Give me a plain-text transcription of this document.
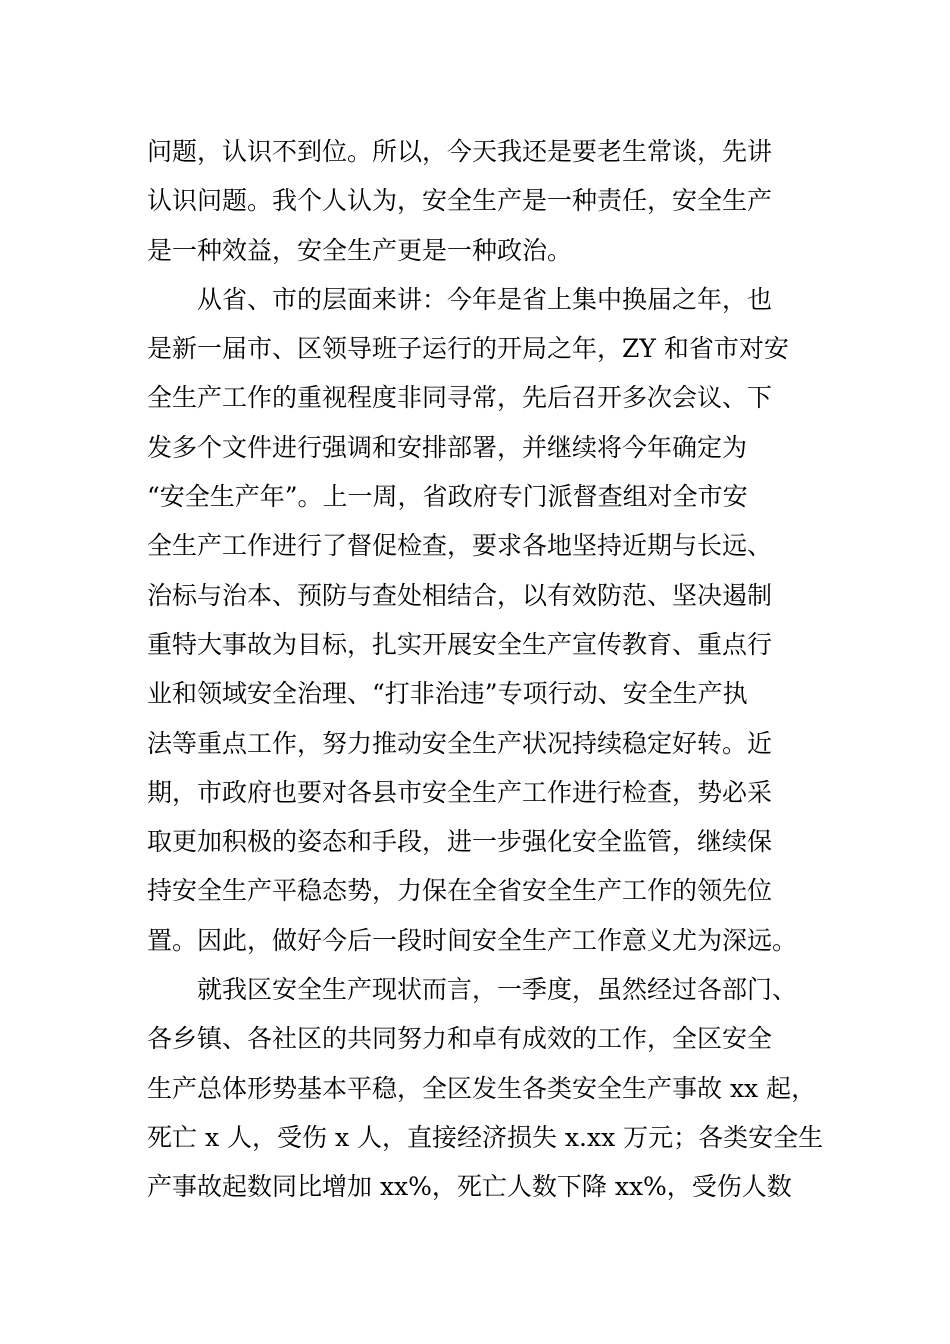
问题，认识不到位。所以，今天我还是要老生常谈，先讲
认识问题。我个人认为，安全生产是一种责任，安全生产
是一种效益，安全生产更是一种政治。
　　从省、市的层面来讲：今年是省上集中换届之年，也
是新一届市、区领导班子运行的开局之年，ZY 和省市对安
全生产工作的重视程度非同寻常，先后召开多次会议、下
发多个文件进行强调和安排部署，并继续将今年确定为
“安全生产年”。上一周，省政府专门派督查组对全市安
全生产工作进行了督促检查，要求各地坚持近期与长远、
治标与治本、预防与查处相结合，以有效防范、坚决遏制
重特大事故为目标，扎实开展安全生产宣传教育、重点行
业和领域安全治理、“打非治违”专项行动、安全生产执
法等重点工作，努力推动安全生产状况持续稳定好转。近
期，市政府也要对各县市安全生产工作进行检查，势必采
取更加积极的姿态和手段，进一步强化安全监管，继续保
持安全生产平稳态势，力保在全省安全生产工作的领先位
置。因此，做好今后一段时间安全生产工作意义尤为深远。
　　就我区安全生产现状而言，一季度，虽然经过各部门、
各乡镇、各社区的共同努力和卓有成效的工作，全区安全
生产总体形势基本平稳，全区发生各类安全生产事故 xx 起，
死亡 x 人，受伤 x 人，直接经济损失 x.xx 万元；各类安全生
产事故起数同比增加 xx%，死亡人数下降 xx%，受伤人数
